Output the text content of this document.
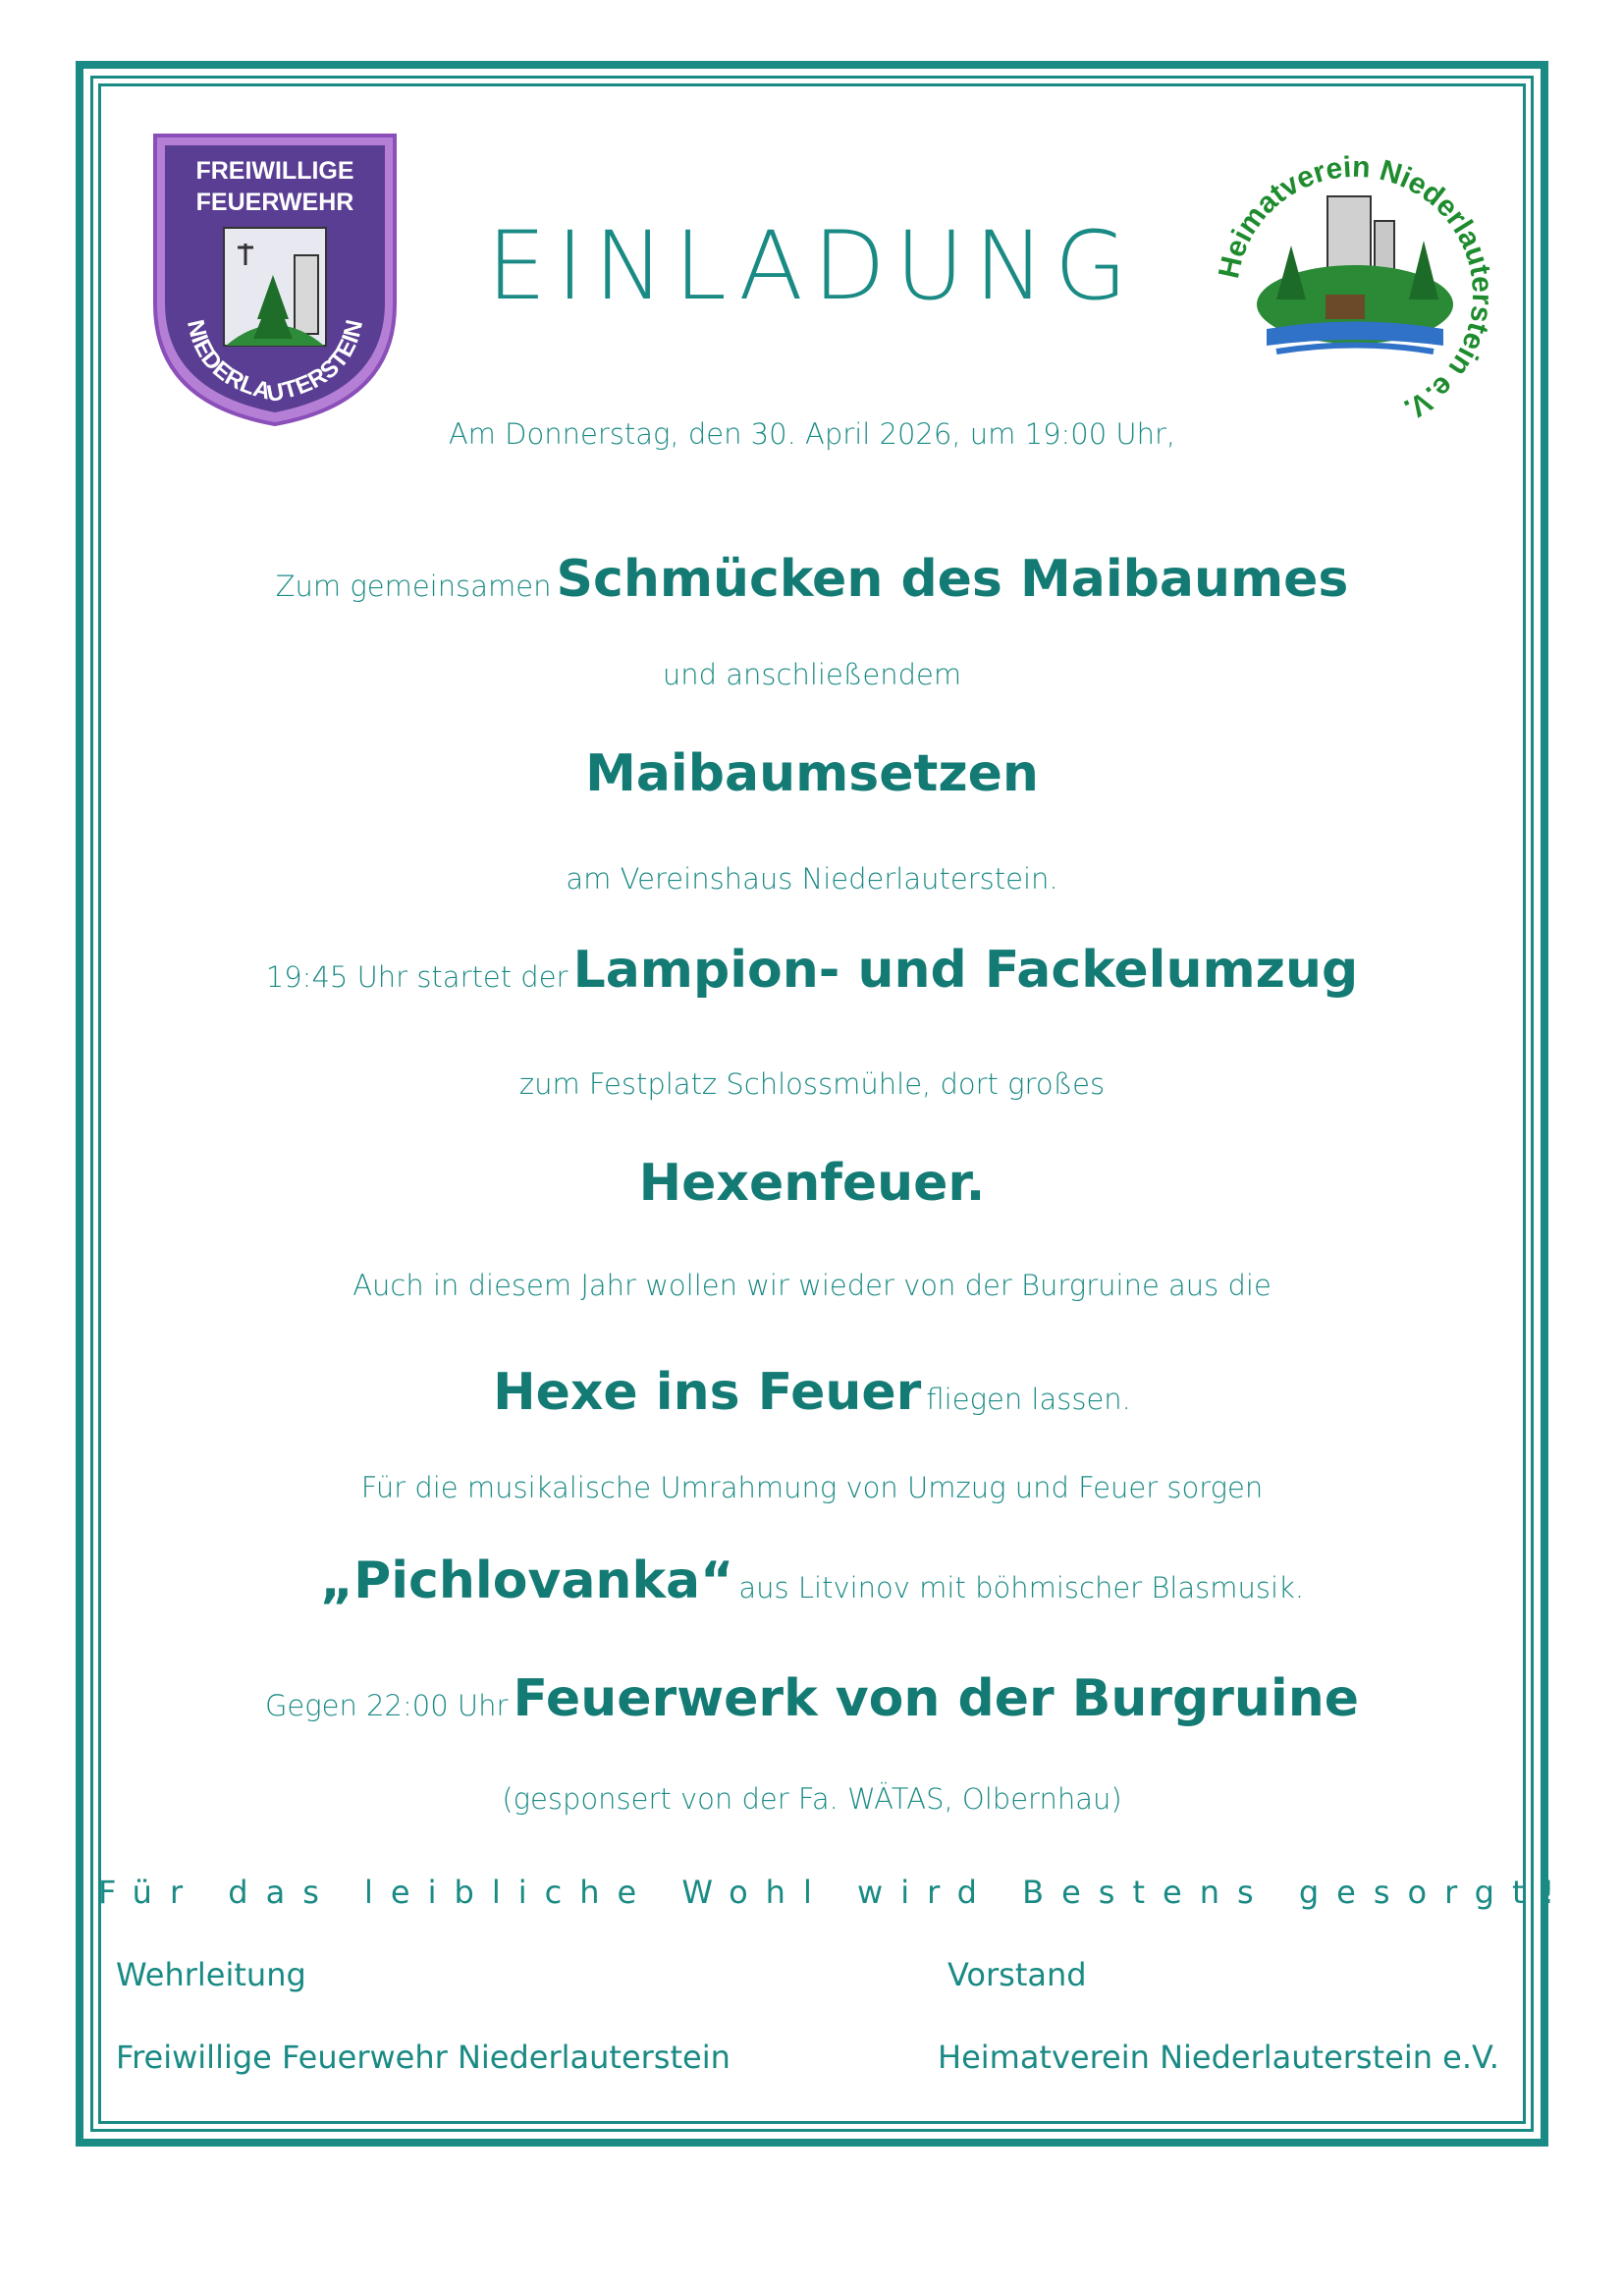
FREIWILLIGE
FEUERWEHR
NIEDERLAUTERSTEIN
Heimatverein Niederlauterstein e.V.
EINLADUNG
Am Donnerstag, den 30. April 2026, um 19:00 Uhr,
Zum gemeinsamen Schmücken des Maibaumes
und anschließendem
Maibaumsetzen
am Vereinshaus Niederlauterstein.
19:45 Uhr startet der Lampion- und Fackelumzug
zum Festplatz Schlossmühle, dort großes
Hexenfeuer.
Auch in diesem Jahr wollen wir wieder von der Burgruine aus die
Hexe ins Feuer fliegen lassen.
Für die musikalische Umrahmung von Umzug und Feuer sorgen
„Pichlovanka“ aus Litvinov mit böhmischer Blasmusik.
Gegen 22:00 Uhr Feuerwerk von der Burgruine
(gesponsert von der Fa. WÄTAS, Olbernhau)
Für das leibliche Wohl wird Bestens gesorgt!
Wehrleitung
Freiwillige Feuerwehr Niederlauterstein
Vorstand
Heimatverein Niederlauterstein e.V.
